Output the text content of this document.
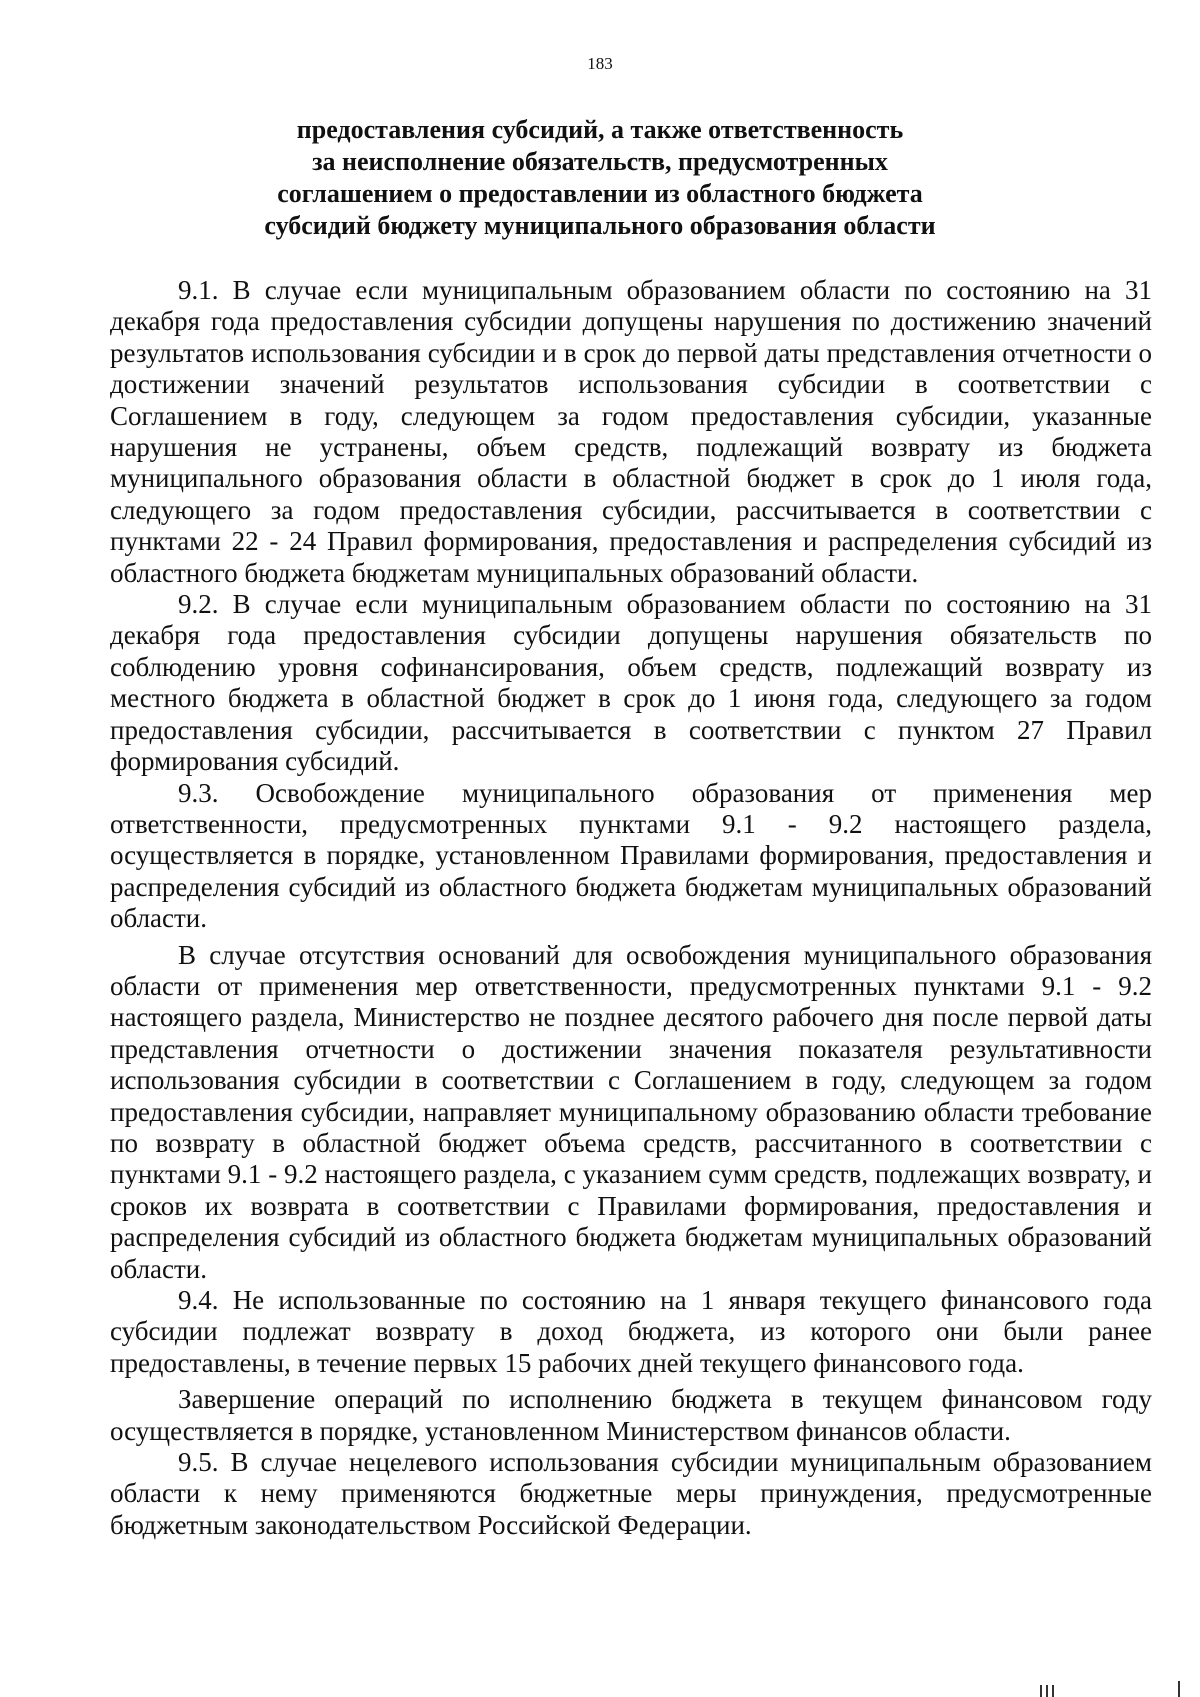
183
предоставления субсидий, а также ответственность
за неисполнение обязательств, предусмотренных
соглашением о предоставлении из областного бюджета
субсидий бюджету муниципального образования области

9.1. В случае если муниципальным образованием области по состоянию на 31 декабря года предоставления субсидии допущены нарушения по достижению значений результатов использования субсидии и в срок до первой даты представления отчетности о достижении значений результатов использования субсидии в соответствии с Соглашением в году, следующем за годом предоставления субсидии, указанные нарушения не устранены, объем средств, подлежащий возврату из бюджета муниципального образования области в областной бюджет в срок до 1 июля года, следующего за годом предоставления субсидии, рассчитывается в соответствии с пунктами 22 - 24 Правил формирования, предоставления и распределения субсидий из областного бюджета бюджетам муниципальных образований области.

9.2. В случае если муниципальным образованием области по состоянию на 31 декабря года предоставления субсидии допущены нарушения обязательств по соблюдению уровня софинансирования, объем средств, подлежащий возврату из местного бюджета в областной бюджет в срок до 1 июня года, следующего за годом предоставления субсидии, рассчитывается в соответствии с пунктом 27 Правил формирования субсидий.

9.3. Освобождение муниципального образования от применения мер ответственности, предусмотренных пунктами 9.1 - 9.2 настоящего раздела, осуществляется в порядке, установленном Правилами формирования, предоставления и распределения субсидий из областного бюджета бюджетам муниципальных образований области.

В случае отсутствия оснований для освобождения муниципального образования области от применения мер ответственности, предусмотренных пунктами 9.1 - 9.2 настоящего раздела, Министерство не позднее десятого рабочего дня после первой даты представления отчетности о достижении значения показателя результативности использования субсидии в соответствии с Соглашением в году, следующем за годом предоставления субсидии, направляет муниципальному образованию области требование по возврату в областной бюджет объема средств, рассчитанного в соответствии с пунктами 9.1 - 9.2 настоящего раздела, с указанием сумм средств, подлежащих возврату, и сроков их возврата в соответствии с Правилами формирования, предоставления и распределения субсидий из областного бюджета бюджетам муниципальных образований области.

9.4. Не использованные по состоянию на 1 января текущего финансового года субсидии подлежат возврату в доход бюджета, из которого они были ранее предоставлены, в течение первых 15 рабочих дней текущего финансового года.

Завершение операций по исполнению бюджета в текущем финансовом году осуществляется в порядке, установленном Министерством финансов области.

9.5. В случае нецелевого использования субсидии муниципальным образованием области к нему применяются бюджетные меры принуждения, предусмотренные бюджетным законодательством Российской Федерации.
